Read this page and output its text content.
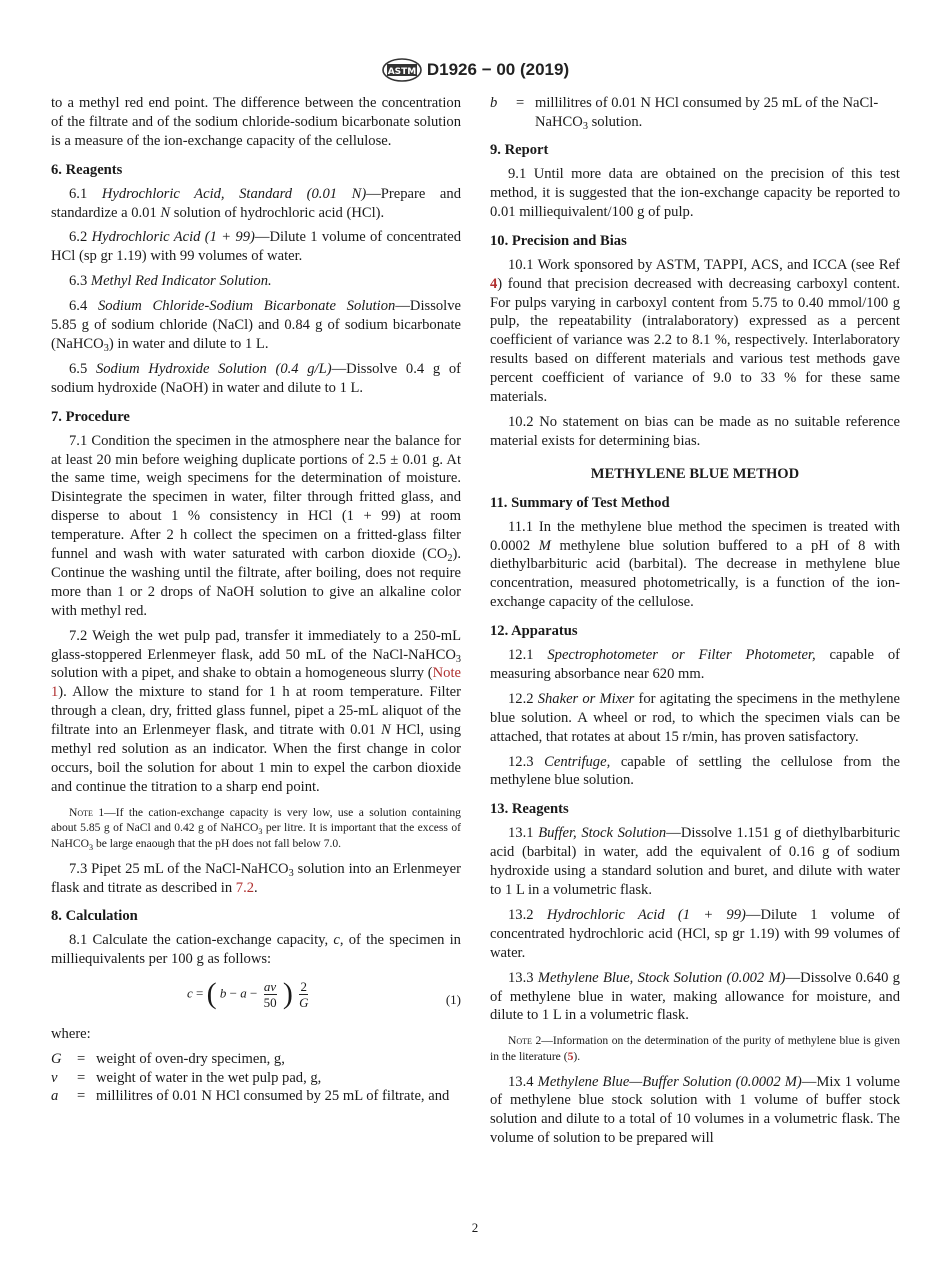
ASTM D1926 − 00 (2019)

to a methyl red end point. The difference between the concentration of the filtrate and of the sodium chloride-sodium bicarbonate solution is a measure of the ion-exchange capacity of the cellulose.

6. Reagents

6.1 Hydrochloric Acid, Standard (0.01 N)—Prepare and standardize a 0.01 N solution of hydrochloric acid (HCl).

6.2 Hydrochloric Acid (1 + 99)—Dilute 1 volume of concentrated HCl (sp gr 1.19) with 99 volumes of water.

6.3 Methyl Red Indicator Solution.

6.4 Sodium Chloride-Sodium Bicarbonate Solution—Dissolve 5.85 g of sodium chloride (NaCl) and 0.84 g of sodium bicarbonate (NaHCO$_3$) in water and dilute to 1 L.

6.5 Sodium Hydroxide Solution (0.4 g/L)—Dissolve 0.4 g of sodium hydroxide (NaOH) in water and dilute to 1 L.

7. Procedure

7.1 Condition the specimen in the atmosphere near the balance for at least 20 min before weighing duplicate portions of 2.5 ± 0.01 g. At the same time, weigh specimens for the determination of moisture. Disintegrate the specimen in water, filter through fritted glass, and disperse to about 1 % consistency in HCl (1 + 99) at room temperature. After 2 h collect the specimen on a fritted-glass filter funnel and wash with water saturated with carbon dioxide $(CO_2)$. Continue the washing until the filtrate, after boiling, does not require more than 1 or 2 drops of NaOH solution to give an alkaline color with methyl red.

7.2 Weigh the wet pulp pad, transfer it immediately to a 250-mL glass-stoppered Erlenmeyer flask, add 50 mL of the NaCl-NaHCO$_3$ solution with a pipet, and shake to obtain a homogeneous slurry (Note 1). Allow the mixture to stand for 1 h at room temperature. Filter through a clean, dry, fritted glass funnel, pipet a 25-mL aliquot of the filtrate into an Erlenmeyer flask, and titrate with 0.01 N HCl, using methyl red solution as an indicator. When the first change in color occurs, boil the solution for about 1 min to expel the carbon dioxide and continue the titration to a sharp end point.

Note 1—If the cation-exchange capacity is very low, use a solution containing about 5.85 g of NaCl and 0.42 g of NaHCO$_3$ per litre. It is important that the excess of NaHCO$_3$ be large enaough that the pH does not fall below 7.0.

7.3 Pipet 25 mL of the NaCl-NaHCO$_3$ solution into an Erlenmeyer flask and titrate as described in 7.2.

8. Calculation

8.1 Calculate the cation-exchange capacity, c, of the specimen in milliequivalents per 100 g as follows:

c = ( $b - a - \frac{av}{50}$ ) $\frac{2}{G}$	(1)

where:

G	= weight of oven-dry specimen, g,
v	= weight of water in the wet pulp pad, g,
a	= millilitres of 0.01 N HCl consumed by 25 mL of filtrate, and
b	= millilitres of 0.01 N HCl consumed by 25 mL of the NaCl-NaHCO$_3$ solution.
9. Report

9.1 Until more data are obtained on the precision of this test method, it is suggested that the ion-exchange capacity be reported to 0.01 milliequivalent/100 g of pulp.

10. Precision and Bias

10.1 Work sponsored by ASTM, TAPPI, ACS, and ICCA (see Ref 4) found that precision decreased with decreasing carboxyl content. For pulps varying in carboxyl content from 5.75 to 0.40 mmol/100 g pulp, the repeatability (intralaboratory) expressed as a percent coefficient of variance was 2.2 to 8.1 %, respectively. Interlaboratory results based on different materials and various test methods gave percent coefficient of variance of 9.0 to 33 % for these same materials.

10.2 No statement on bias can be made as no suitable reference material exists for determining bias.

METHYLENE BLUE METHOD
11. Summary of Test Method

11.1 In the methylene blue method the specimen is treated with 0.0002 M methylene blue solution buffered to a pH of 8 with diethylbarbituric acid (barbital). The decrease in methylene blue concentration, measured photometrically, is a function of the ion-exchange capacity of the cellulose.

12. Apparatus

12.1 Spectrophotometer or Filter Photometer, capable of measuring absorbance near 620 mm.

12.2 Shaker or Mixer for agitating the specimens in the methylene blue solution. A wheel or rod, to which the specimen vials can be attached, that rotates at about 15 r/min, has proven satisfactory.

12.3 Centrifuge, capable of settling the cellulose from the methylene blue solution.

13. Reagents

13.1 Buffer, Stock Solution—Dissolve 1.151 g of diethylbarbituric acid (barbital) in water, add the equivalent of 0.16 g of sodium hydroxide using a standard solution and buret, and dilute with water to 1 L in a volumetric flask.

13.2 Hydrochloric Acid (1 + 99)—Dilute 1 volume of concentrated hydrochloric acid (HCl, sp gr 1.19) with 99 volumes of water.

13.3 Methylene Blue, Stock Solution (0.002 M)—Dissolve 0.640 g of methylene blue in water, making allowance for moisture, and dilute to 1 L in a volumetric flask.

Note 2—Information on the determination of the purity of methylene blue is given in the literature (5).

13.4 Methylene Blue—Buffer Solution (0.0002 M)—Mix 1 volume of methylene blue stock solution with 1 volume of buffer stock solution and dilute to a total of 10 volumes in a volumetric flask. The volume of solution to be prepared will

2
